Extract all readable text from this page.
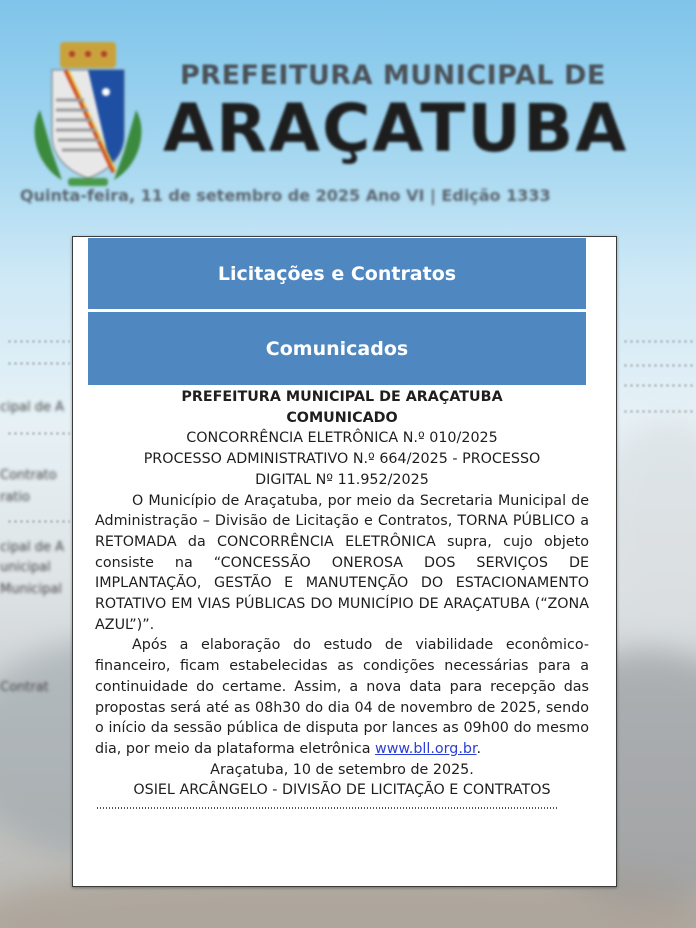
cipal de A
Contrato
ratio
cipal de A
unicipal
Municipal
Contrat
PREFEITURA MUNICIPAL DE
ARAÇATUBA
Quinta-feira, 11 de setembro de 2025 Ano VI | Edição 1333
Licitações e Contratos
Comunicados
PREFEITURA MUNICIPAL DE ARAÇATUBA
COMUNICADO
CONCORRÊNCIA ELETRÔNICA N.º 010/2025
PROCESSO ADMINISTRATIVO N.º 664/2025 - PROCESSO
DIGITAL Nº 11.952/2025
O Município de Araçatuba, por meio da Secretaria Municipal de Administração – Divisão de Licitação e Contratos, TORNA PÚBLICO a RETOMADA da CONCORRÊNCIA ELETRÔNICA supra, cujo objeto consiste na “CONCESSÃO ONEROSA DOS SERVIÇOS DE IMPLANTAÇÃO, GESTÃO E MANUTENÇÃO DO ESTACIONAMENTO ROTATIVO EM VIAS PÚBLICAS DO MUNICÍPIO DE ARAÇATUBA (“ZONA AZUL”)”.
Após a elaboração do estudo de viabilidade econômico-financeiro, ficam estabelecidas as condições necessárias para a continuidade do certame. Assim, a nova data para recepção das propostas será até as 08h30 do dia 04 de novembro de 2025, sendo o início da sessão pública de disputa por lances as 09h00 do mesmo dia, por meio da plataforma eletrônica www.bll.org.br.
Araçatuba, 10 de setembro de 2025.
OSIEL ARCÂNGELO - DIVISÃO DE LICITAÇÃO E CONTRATOS
